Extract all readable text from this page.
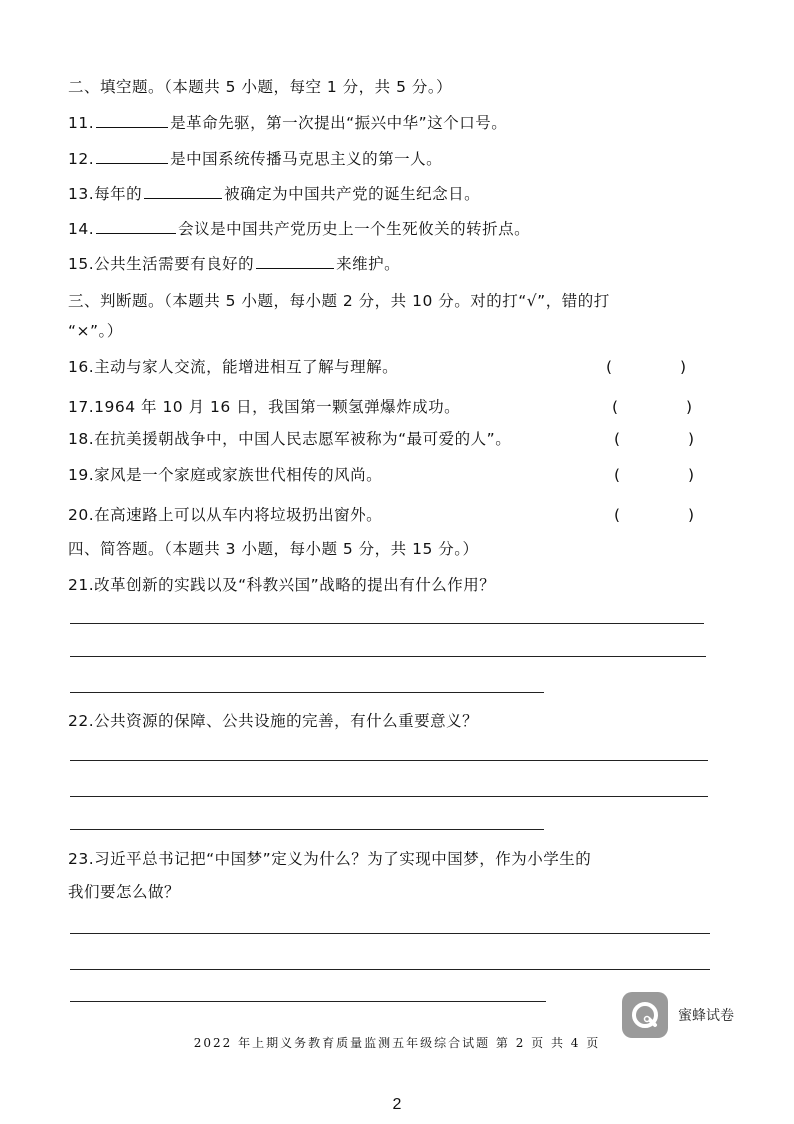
二、填空题。（本题共 5 小题，每空 1 分，共 5 分。）
11.	是革命先驱，第一次提出“振兴中华”这个口号。
12.	是中国系统传播马克思主义的第一人。
13.每年的	被确定为中国共产党的诞生纪念日。
14.	会议是中国共产党历史上一个生死攸关的转折点。
15.公共生活需要有良好的	来维护。
三、判断题。（本题共 5 小题，每小题 2 分，共 10 分。对的打“√”，错的打
“×”。）
16.主动与家人交流，能增进相互了解与理解。	(	)
17.1964 年 10 月 16 日，我国第一颗氢弹爆炸成功。	(	)
18.在抗美援朝战争中，中国人民志愿军被称为“最可爱的人”。	(	)
19.家风是一个家庭或家族世代相传的风尚。	(	)
20.在高速路上可以从车内将垃圾扔出窗外。	(	)
四、简答题。（本题共 3 小题，每小题 5 分，共 15 分。）
21.改革创新的实践以及“科教兴国”战略的提出有什么作用？
22.公共资源的保障、公共设施的完善，有什么重要意义？
23.习近平总书记把“中国梦”定义为什么？为了实现中国梦，作为小学生的
我们要怎么做？
蜜蜂试卷
2022 年上期义务教育质量监测五年级综合试题 第 2 页 共 4 页
2
